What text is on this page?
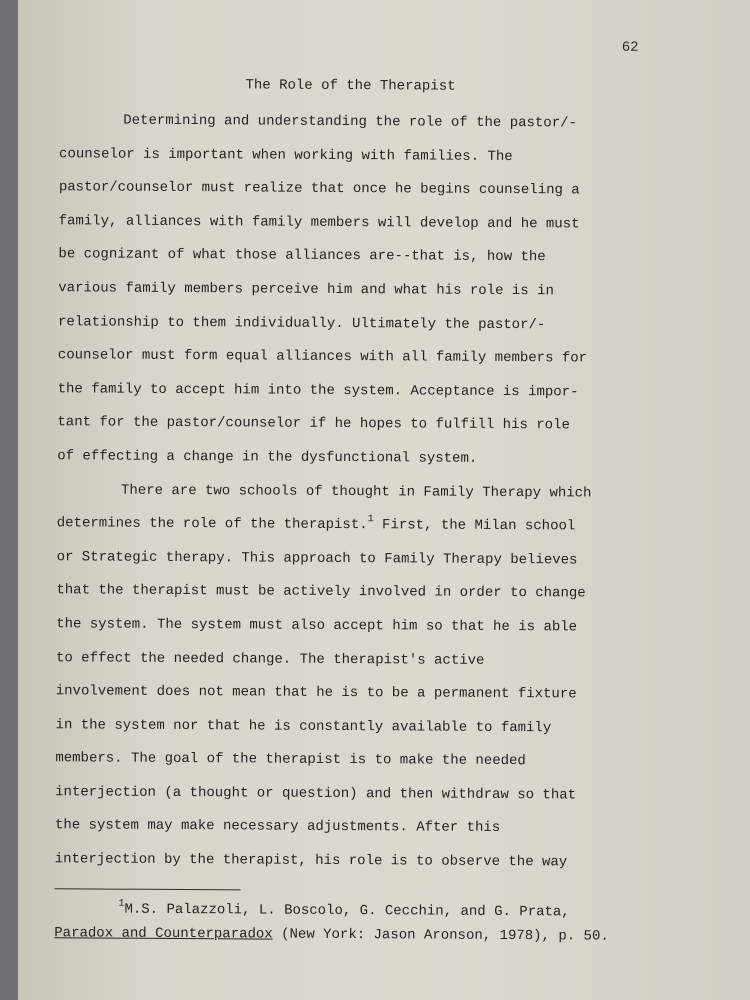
62
The Role of the Therapist
Determining and understanding the role of the pastor/-
counselor is important when working with families. The
pastor/counselor must realize that once he begins counseling a
family, alliances with family members will develop and he must
be cognizant of what those alliances are--that is, how the
various family members perceive him and what his role is in
relationship to them individually. Ultimately the pastor/-
counselor must form equal alliances with all family members for
the family to accept him into the system. Acceptance is impor-
tant for the pastor/counselor if he hopes to fulfill his role
of effecting a change in the dysfunctional system.
There are two schools of thought in Family Therapy which
determines the role of the therapist.$^1$ First, the Milan school
or Strategic therapy. This approach to Family Therapy believes
that the therapist must be actively involved in order to change
the system. The system must also accept him so that he is able
to effect the needed change. The therapist's active
involvement does not mean that he is to be a permanent fixture
in the system nor that he is constantly available to family
members. The goal of the therapist is to make the needed
interjection (a thought or question) and then withdraw so that
the system may make necessary adjustments. After this
interjection by the therapist, his role is to observe the way
$^1$M.S. Palazzoli, L. Boscolo, G. Cecchin, and G. Prata,
Paradox and Counterparadox (New York: Jason Aronson, 1978), p. 50.
